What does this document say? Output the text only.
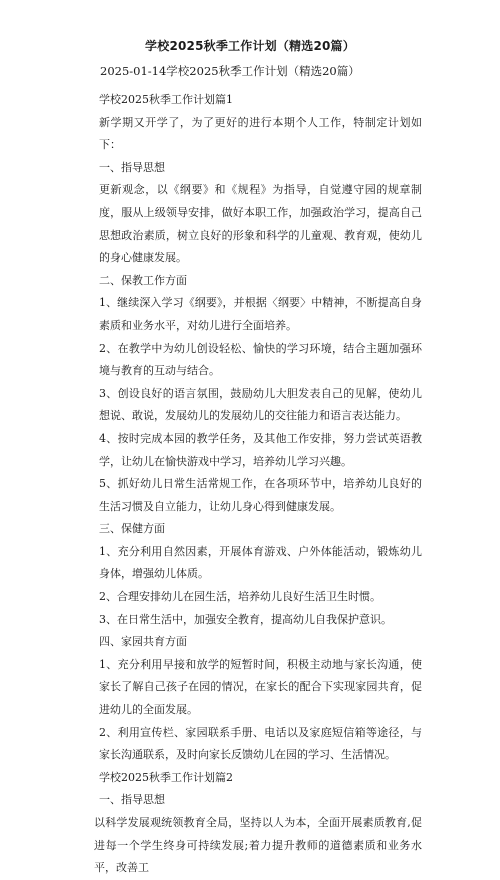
学校2025秋季工作计划（精选20篇）
2025-01-14学校2025秋季工作计划（精选20篇）

学校2025秋季工作计划篇1

新学期又开学了，为了更好的进行本期个人工作，特制定计划如下：

一、指导思想

更新观念，以《纲要》和《规程》为指导，自觉遵守园的规章制度，服从上级领导安排，做好本职工作，加强政治学习，提高自己思想政治素质，树立良好的形象和科学的儿童观、教育观，使幼儿的身心健康发展。

二、保教工作方面

1、继续深入学习《纲要》，并根据〈纲要〉中精神，不断提高自身素质和业务水平，对幼儿进行全面培养。

2、在教学中为幼儿创设轻松、愉快的学习环境，结合主题加强环境与教育的互动与结合。

3、创设良好的语言氛围，鼓励幼儿大胆发表自己的见解，使幼儿想说、敢说，发展幼儿的发展幼儿的交往能力和语言表达能力。

4、按时完成本园的教学任务，及其他工作安排，努力尝试英语教学，让幼儿在愉快游戏中学习，培养幼儿学习兴趣。

5、抓好幼儿日常生活常规工作，在各项环节中，培养幼儿良好的生活习惯及自立能力，让幼儿身心得到健康发展。

三、保健方面

1、充分利用自然因素，开展体育游戏、户外体能活动，锻炼幼儿身体，增强幼儿体质。

2、合理安排幼儿在园生活，培养幼儿良好生活卫生时惯。

3、在日常生活中，加强安全教育，提高幼儿自我保护意识。

四、家园共育方面

1、充分利用早接和放学的短暂时间，积极主动地与家长沟通，使家长了解自己孩子在园的情况，在家长的配合下实现家园共育，促进幼儿的全面发展。

2、利用宣传栏、家园联系手册、电话以及家庭短信箱等途径，与家长沟通联系，及时向家长反馈幼儿在园的学习、生活情况。

学校2025秋季工作计划篇2

一、指导思想

以科学发展观统领教育全局，坚持以人为本，全面开展素质教育,促进每一个学生终身可持续发展;着力提升教师的道德素质和业务水平，改善工
